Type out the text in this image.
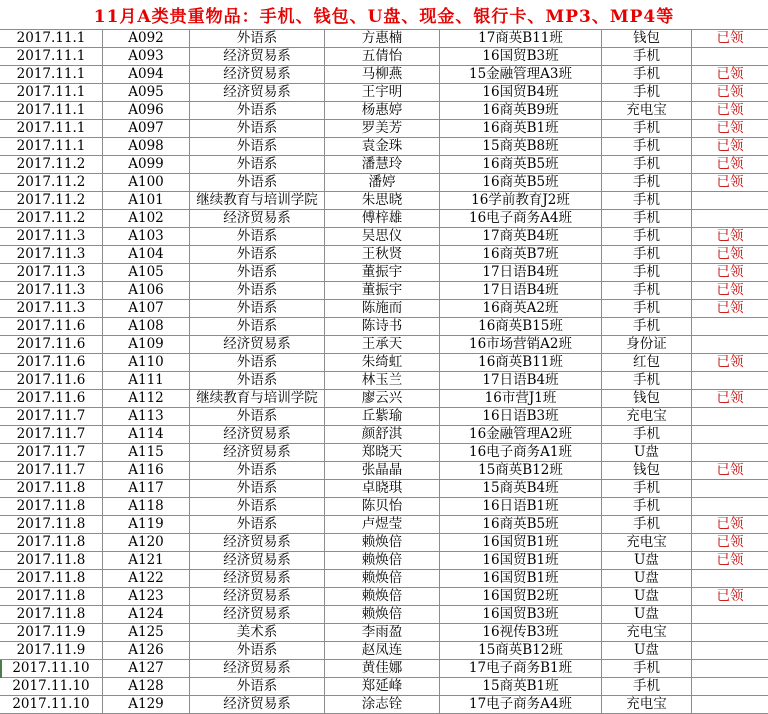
11月A类贵重物品：手机、钱包、U盘、现金、银行卡、MP3、MP4等
2017.11.1	A092	外语系	方惠楠	17商英B11班	钱包	已领
2017.11.1	A093	经济贸易系	五倩怡	16国贸B3班	手机
2017.11.1	A094	经济贸易系	马柳燕	15金融管理A3班	手机	已领
2017.11.1	A095	经济贸易系	王宇明	16国贸B4班	手机	已领
2017.11.1	A096	外语系	杨惠婷	16商英B9班	充电宝	已领
2017.11.1	A097	外语系	罗美芳	16商英B1班	手机	已领
2017.11.1	A098	外语系	袁金珠	15商英B8班	手机	已领
2017.11.2	A099	外语系	潘慧玲	16商英B5班	手机	已领
2017.11.2	A100	外语系	潘婷	16商英B5班	手机	已领
2017.11.2	A101	继续教育与培训学院	朱思晓	16学前教育J2班	手机
2017.11.2	A102	经济贸易系	傅梓雄	16电子商务A4班	手机
2017.11.3	A103	外语系	吴思仪	17商英B4班	手机	已领
2017.11.3	A104	外语系	王秋贤	16商英B7班	手机	已领
2017.11.3	A105	外语系	董振宇	17日语B4班	手机	已领
2017.11.3	A106	外语系	董振宇	17日语B4班	手机	已领
2017.11.3	A107	外语系	陈施而	16商英A2班	手机	已领
2017.11.6	A108	外语系	陈诗书	16商英B15班	手机
2017.11.6	A109	经济贸易系	王承天	16市场营销A2班	身份证
2017.11.6	A110	外语系	朱绮虹	16商英B11班	红包	已领
2017.11.6	A111	外语系	林玉兰	17日语B4班	手机
2017.11.6	A112	继续教育与培训学院	廖云兴	16市营J1班	钱包	已领
2017.11.7	A113	外语系	丘紫瑜	16日语B3班	充电宝
2017.11.7	A114	经济贸易系	颜舒淇	16金融管理A2班	手机
2017.11.7	A115	经济贸易系	郑晓天	16电子商务A1班	U盘
2017.11.7	A116	外语系	张晶晶	15商英B12班	钱包	已领
2017.11.8	A117	外语系	卓晓琪	15商英B4班	手机
2017.11.8	A118	外语系	陈贝怡	16日语B1班	手机
2017.11.8	A119	外语系	卢煜莹	16商英B5班	手机	已领
2017.11.8	A120	经济贸易系	赖焕倍	16国贸B1班	充电宝	已领
2017.11.8	A121	经济贸易系	赖焕倍	16国贸B1班	U盘	已领
2017.11.8	A122	经济贸易系	赖焕倍	16国贸B1班	U盘
2017.11.8	A123	经济贸易系	赖焕倍	16国贸B2班	U盘	已领
2017.11.8	A124	经济贸易系	赖焕倍	16国贸B3班	U盘
2017.11.9	A125	美术系	李雨盈	16视传B3班	充电宝
2017.11.9	A126	外语系	赵凤连	15商英B12班	U盘
2017.11.10	A127	经济贸易系	黄佳娜	17电子商务B1班	手机
2017.11.10	A128	外语系	郑延峰	15商英B1班	手机
2017.11.10	A129	经济贸易系	涂志铨	17电子商务A4班	充电宝
